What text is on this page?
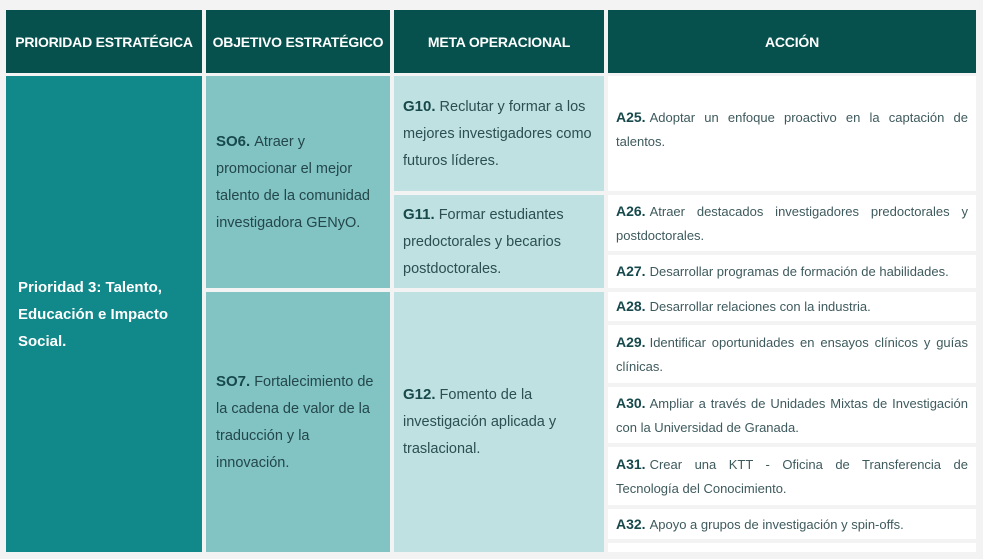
PRIORIDAD ESTRATÉGICA OBJETIVO ESTRATÉGICO	META OPERACIONAL	ACCIÓN
Prioridad 3: Talento, Educación e Impacto Social.
SO6. Atraer y promocionar el mejor talento de la comunidad investigadora GENyO.
SO7. Fortalecimiento de la cadena de valor de la traducción y la innovación.
G10. Reclutar y formar a los mejores investigadores como futuros líderes.
G11. Formar estudiantes predoctorales y becarios postdoctorales.
G12. Fomento de la investigación aplicada y traslacional.
A25. Adoptar un enfoque proactivo en la captación de talentos.
A26. Atraer destacados investigadores predoctorales y postdoctorales.
A27. Desarrollar programas de formación de habilidades.
A28. Desarrollar relaciones con la industria.
A29. Identificar oportunidades en ensayos clínicos y guías clínicas.
A30. Ampliar a través de Unidades Mixtas de Investigación con la Universidad de Granada.
A31. Crear una KTT - Oficina de Transferencia de Tecnología del Conocimiento.
A32. Apoyo a grupos de investigación y spin-offs.
